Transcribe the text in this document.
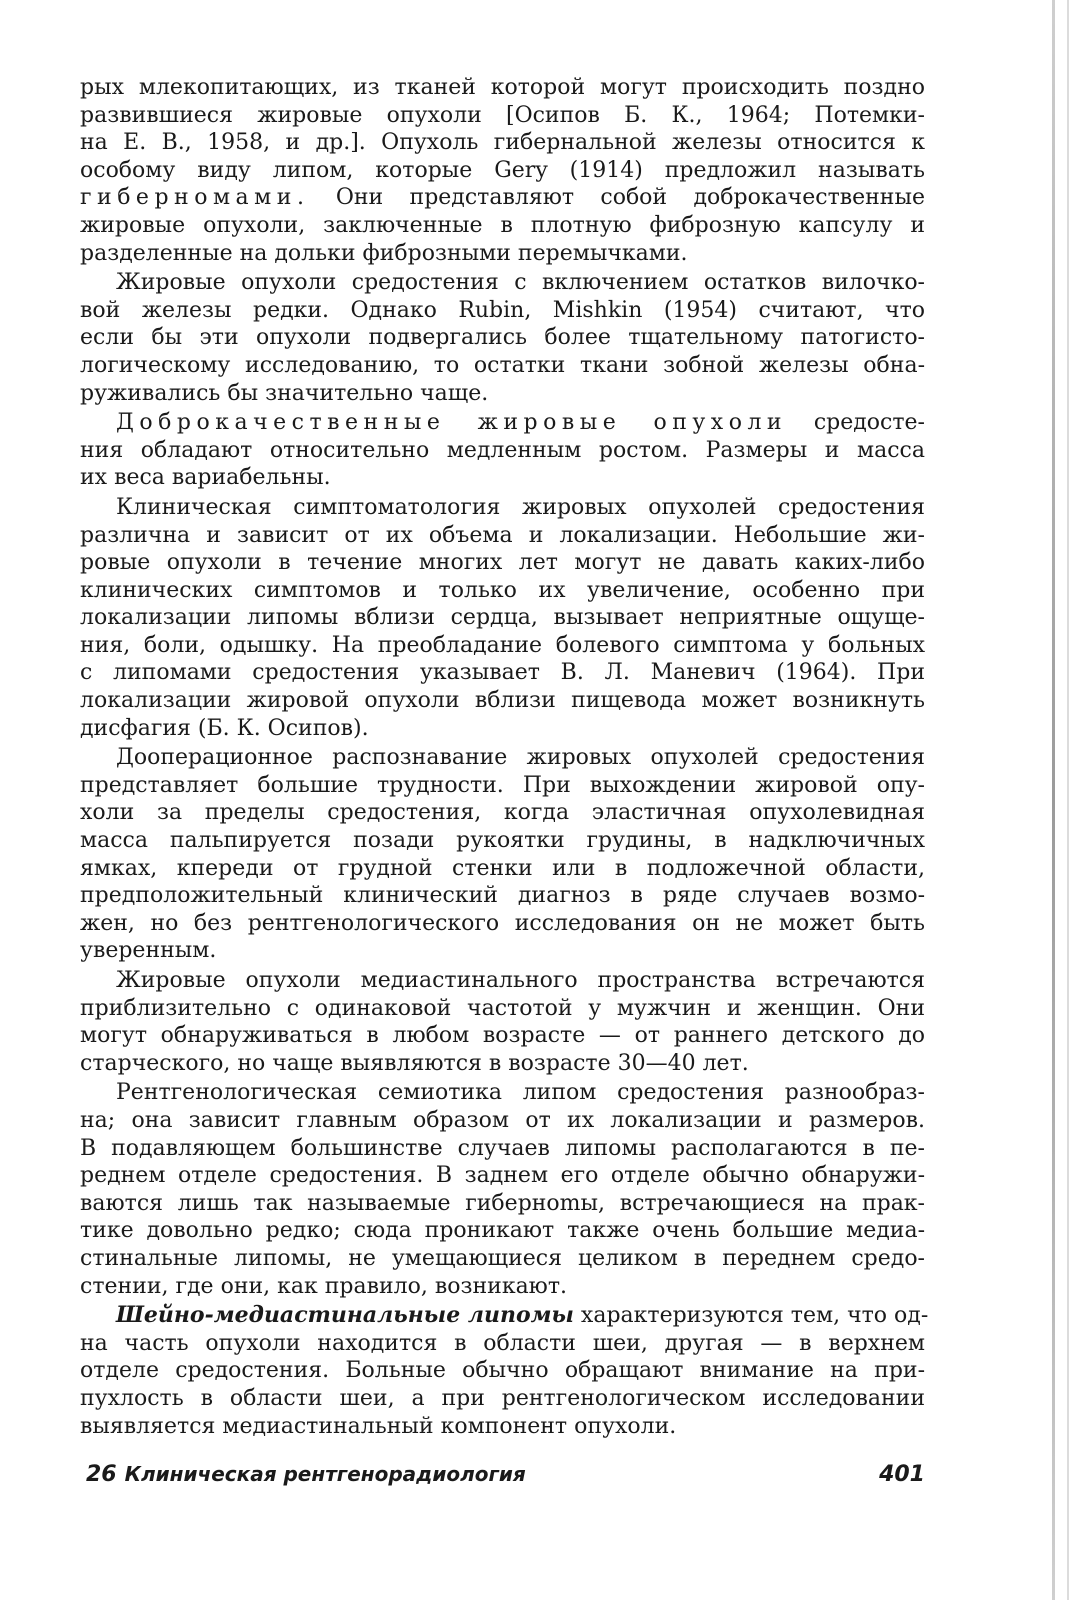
рых млекопитающих, из тканей которой могут происходить поздно
развившиеся жировые опухоли [Осипов Б. К., 1964; Потемки-
на Е. В., 1958, и др.]. Опухоль гибернальной железы относится к
особому виду липом, которые Gery (1914) предложил называть
гиберномами. Они представляют собой доброкачественные
жировые опухоли, заключенные в плотную фиброзную капсулу и
разделенные на дольки фиброзными перемычками.
Жировые опухоли средостения с включением остатков вилочко-
вой железы редки. Однако Rubin, Mishkin (1954) считают, что
если бы эти опухоли подвергались более тщательному патогисто-
логическому исследованию, то остатки ткани зобной железы обна-
руживались бы значительно чаще.
Доброкачественные жировые опухоли средосте-
ния обладают относительно медленным ростом. Размеры и масса
их веса вариабельны.
Клиническая симптоматология жировых опухолей средостения
различна и зависит от их объема и локализации. Небольшие жи-
ровые опухоли в течение многих лет могут не давать каких-либо
клинических симптомов и только их увеличение, особенно при
локализации липомы вблизи сердца, вызывает неприятные ощуще-
ния, боли, одышку. На преобладание болевого симптома у больных
с липомами средостения указывает В. Л. Маневич (1964). При
локализации жировой опухоли вблизи пищевода может возникнуть
дисфагия (Б. К. Осипов).
Дооперационное распознавание жировых опухолей средостения
представляет большие трудности. При выхождении жировой опу-
холи за пределы средостения, когда эластичная опухолевидная
масса пальпируется позади рукоятки грудины, в надключичных
ямках, кпереди от грудной стенки или в подложечной области,
предположительный клинический диагноз в ряде случаев возмо-
жен, но без рентгенологического исследования он не может быть
уверенным.
Жировые опухоли медиастинального пространства встречаются
приблизительно с одинаковой частотой у мужчин и женщин. Они
могут обнаруживаться в любом возрасте — от раннего детского до
старческого, но чаще выявляются в возрасте 30—40 лет.
Рентгенологическая семиотика липом средостения разнообраз-
на; она зависит главным образом от их локализации и размеров.
В подавляющем большинстве случаев липомы располагаются в пе-
реднем отделе средостения. В заднем его отделе обычно обнаружи-
ваются лишь так называемые гибернomы, встречающиеся на прак-
тике довольно редко; сюда проникают также очень большие медиа-
стинальные липомы, не умещающиеся целиком в переднем средо-
стении, где они, как правило, возникают.
Шейно-медиастинальные липомы характеризуются тем, что од-
на часть опухоли находится в области шеи, другая — в верхнем
отделе средостения. Больные обычно обращают внимание на при-
пухлость в области шеи, а при рентгенологическом исследовании
выявляется медиастинальный компонент опухоли.
26 Клиническая рентгенорадиология	401
